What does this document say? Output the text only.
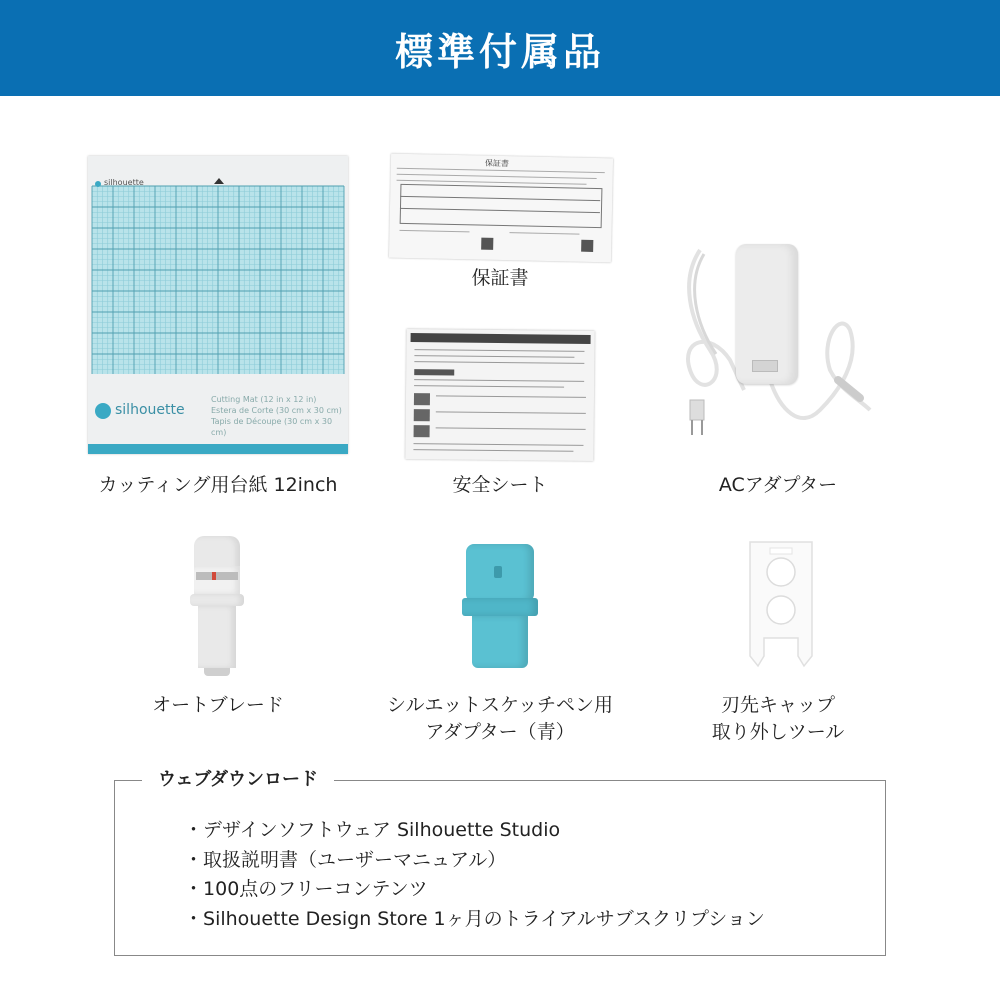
標準付属品
silhouette
silhouette
Cutting Mat (12 in x 12 in)
Estera de Corte (30 cm x 30 cm)
Tapis de Découpe (30 cm x 30 cm)
カッティング用台紙 12inch
保証書
保証書
安全シート	ACアダプター
オートブレード	シルエットスケッチペン用
アダプター（青）
刃先キャップ
取り外しツール
ウェブダウンロード
・ デザインソフトウェア Silhouette Studio
・ 取扱説明書（ユーザーマニュアル）
・ 100点のフリーコンテンツ
・ Silhouette Design Store 1ヶ月のトライアルサブスクリプション
